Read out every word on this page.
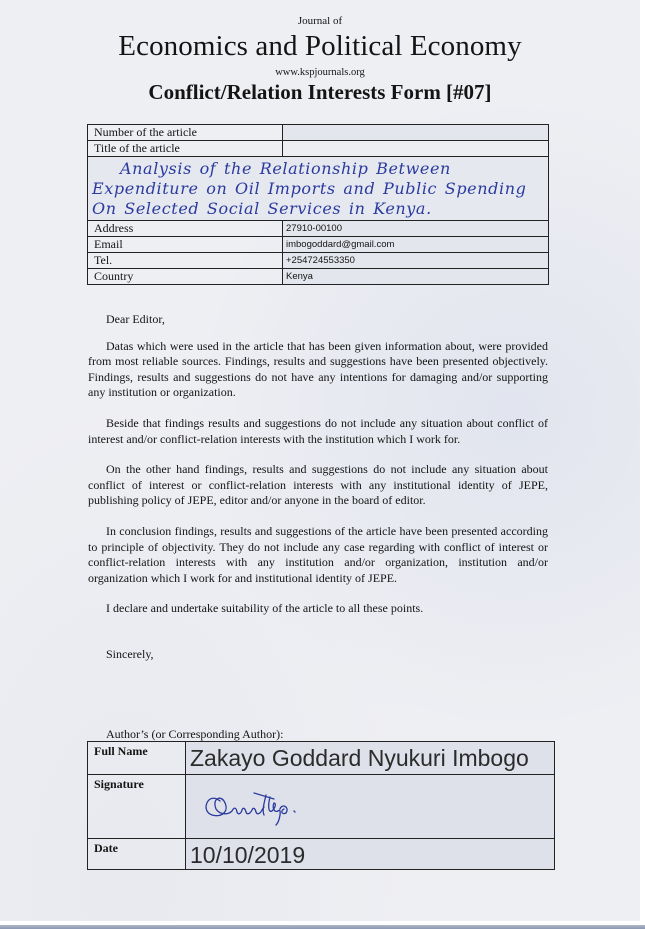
Journal of
Economics and Political Economy
www.kspjournals.org
Conflict/Relation Interests Form [#07]
Number of the article	
Title of the article	

Analysis of the Relationship Between
Expenditure on Oil Imports and Public Spending
On Selected Social Services in Kenya.	

Address	27910-00100
Email	imbogoddard@gmail.com
Tel.	+254724553350
Country	Kenya

Dear Editor,

Datas which were used in the article that has been given information about, were provided from most reliable sources. Findings, results and suggestions have been presented objectively. Findings, results and suggestions do not have any intentions for damaging and/or supporting any institution or organization.

Beside that findings results and suggestions do not include any situation about conflict of interest and/or conflict-relation interests with the institution which I work for.

On the other hand findings, results and suggestions do not include any situation about conflict of interest or conflict-relation interests with any institutional identity of JEPE, publishing policy of JEPE, editor and/or anyone in the board of editor.

In conclusion findings, results and suggestions of the article have been presented according to principle of objectivity. They do not include any case regarding with conflict of interest or conflict-relation interests with any institution and/or organization, institution and/or organization which I work for and institutional identity of JEPE.

I declare and undertake suitability of the article to all these points.

Sincerely,

Author’s (or Corresponding Author):
Full Name	Zakayo Goddard Nyukuri Imbogo
Signature	

Date	10/10/2019
